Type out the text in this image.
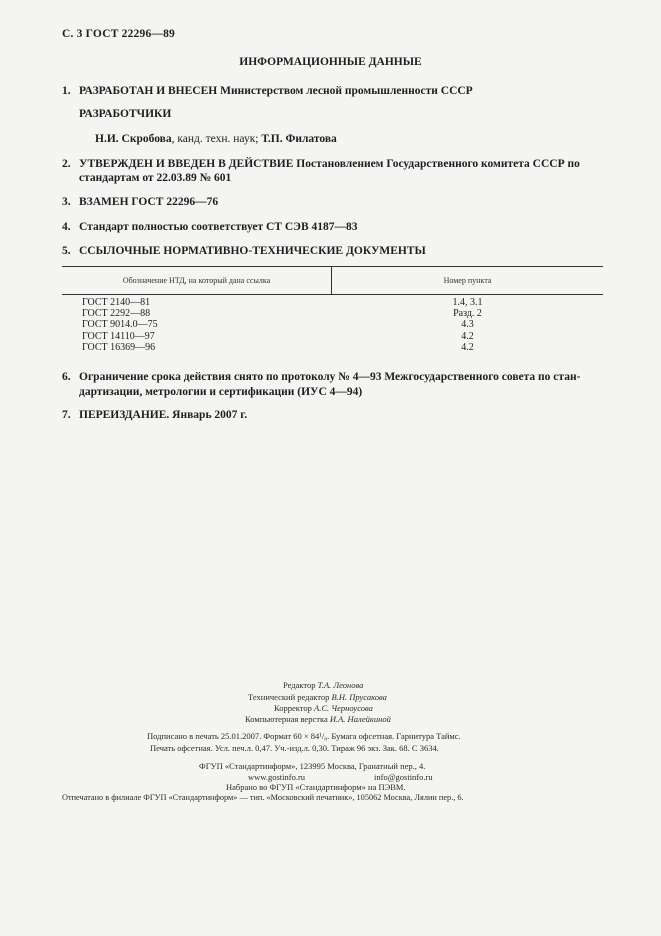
С. 3 ГОСТ 22296—89
ИНФОРМАЦИОННЫЕ ДАННЫЕ
1. РАЗРАБОТАН И ВНЕСЕН Министерством лесной промышленности СССР
РАЗРАБОТЧИКИ
Н.И. Скробова, канд. техн. наук; Т.П. Филатова
2. УТВЕРЖДЕН И ВВЕДЕН В ДЕЙСТВИЕ Постановлением Государственного комитета СССР по
стандартам от 22.03.89 № 601
3. ВЗАМЕН ГОСТ 22296—76
4. Стандарт полностью соответствует СТ СЭВ 4187—83
5. ССЫЛОЧНЫЕ НОРМАТИВНО-ТЕХНИЧЕСКИЕ ДОКУМЕНТЫ
Обозначение НТД, на который дана ссылка	Номер пункта
ГОСТ 2140—81	1.4, 3.1
ГОСТ 2292—88	Разд. 2
ГОСТ 9014.0—75	4.3
ГОСТ 14110—97	4.2
ГОСТ 16369—96	4.2
6. Ограничение срока действия снято по протоколу № 4—93 Межгосударственного совета по стан-
дартизации, метрологии и сертификации (ИУС 4—94)
7. ПЕРЕИЗДАНИЕ. Январь 2007 г.
Редактор Т.А. Леонова
Технический редактор В.Н. Прусакова
Корректор А.С. Черноусова
Компьютерная верстка И.А. Налейкиной
Подписано в печать 25.01.2007. Формат 60 × 84¹/₈. Бумага офсетная. Гарнитура Таймс.
Печать офсетная. Усл. печ.л. 0,47. Уч.-изд.л. 0,30. Тираж 96 экз. Зак. 68. С 3634.
ФГУП «Стандартинформ», 123995 Москва, Гранатный пер., 4.
www.gostinfo.ru	info@gostinfo.ru
Набрано во ФГУП «Стандартинформ» на ПЭВМ.
Отпечатано в филиале ФГУП «Стандартинформ» — тип. «Московский печатник», 105062 Москва, Лялин пер., 6.
